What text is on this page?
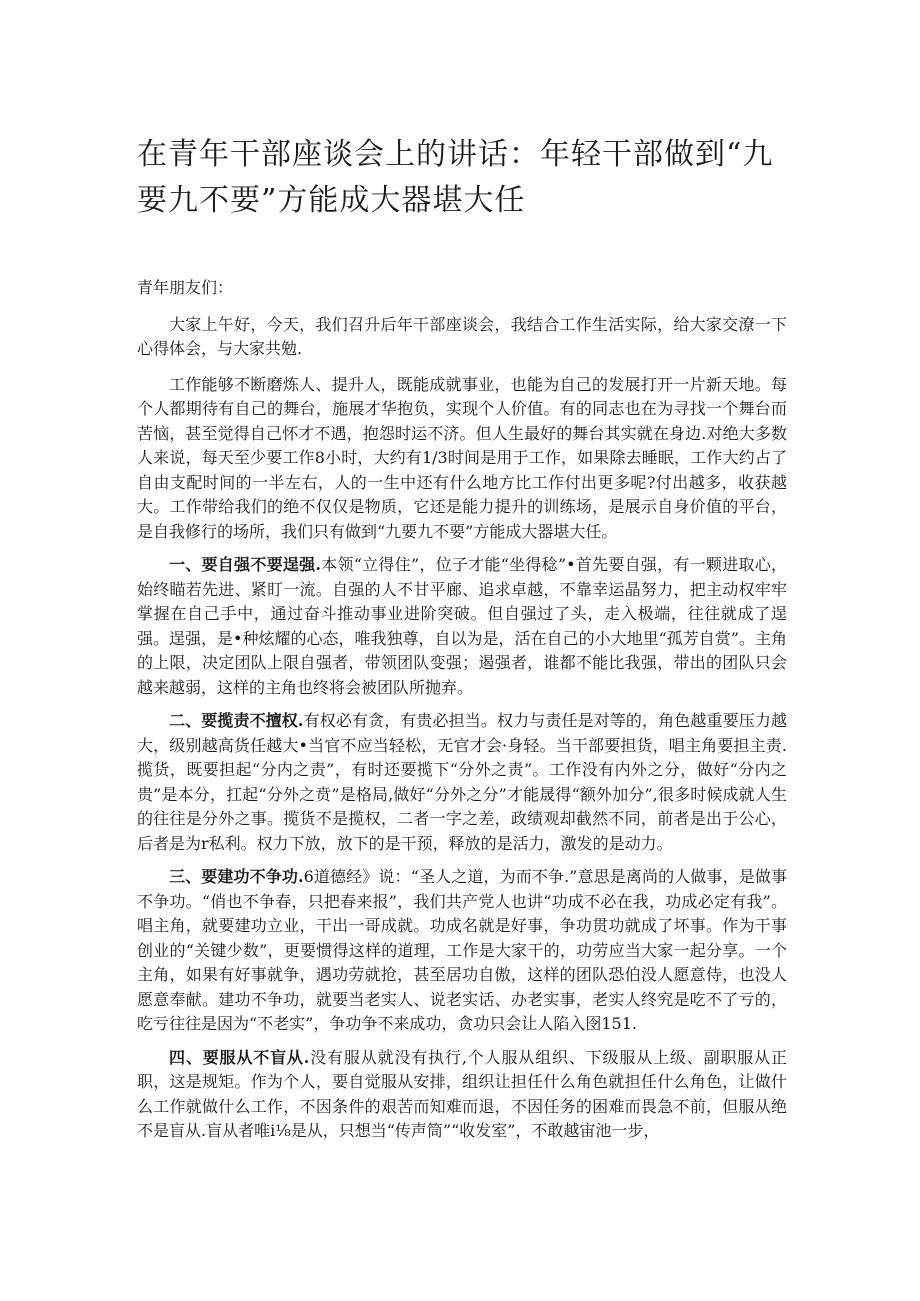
在青年干部座谈会上的讲话：年轻干部做到“九要九不要”方能成大器堪大任

青年朋友们：

大家上午好，今天，我们召升后年干部座谈会，我结合工作生活实际，给大家交潦一下心得体会，与大家共勉.

工作能够不断磨炼人、提升人，既能成就事业，也能为自己的发展打开一片新天地。每个人都期待有自己的舞台，施展才华抱负，实现个人价值。有的同志也在为寻找一个舞台而苦恼，甚至觉得自己怀才不遇，抱怨时运不济。但人生最好的舞台其实就在身边.对绝大多数人来说，每天至少要工作8小时，大约有1/3时间是用于工作，如果除去睡眠，工作大约占了自由支配时间的一半左右，人的一生中还有什么地方比工作付出更多呢?付出越多，收获越大。工作带给我们的绝不仅仅是物质，它还是能力提升的训练场，是展示自身价值的平台，是自我修行的场所，我们只有做到“九要九不要”方能成大器堪大任。

一、要自强不要逞强.本领“立得住”，位子才能“坐得稔”•首先要自强，有一颗进取心，始终瞄若先进、紧盯一流。自强的人不甘平廊、追求卓越，不靠幸运晶努力，把主动权牢牢掌握在自己手中，通过奋斗推动事业进阶突破。但自强过了头，走入极端，往往就成了逞强。逞强，是•种炫耀的心态，唯我独尊，自以为是，活在自己的小大地里“孤芳自赏”。主角的上限，决定团队上限自强者，带领团队变强；遏强者，谁都不能比我强，带出的团队只会越来越弱，这样的主角也终将会被团队所抛弃。

二、要揽责不擅权.有权必有贪，有贵必担当。权力与责任是对等的，角色越重要压力越大，级别越高货任越大•当官不应当轻松，无官才会·身轻。当干部要担货，唱主角要担主责.揽货，既要担起“分内之责”，有时还要揽下“分外之责”。工作没有内外之分，做好“分内之贵”是本分，扛起“分外之贲”是格局,做好“分外之分”才能晟得“额外加分”,很多时候成就人生的往往是分外之事。揽货不是揽权，二者一字之差，政绩观却截然不同，前者是出于公心，后者是为r私利。权力下放，放下的是干预，释放的是活力，激发的是动力。

三、要建功不争功.6道德经》说：“圣人之道，为而不争.”意思是离尚的人做事，是做事不争功。“俏也不争春，只把春来报”，我们共产党人也讲“功成不必在我，功成必定有我”。唱主角，就要建功立业，干出一哥成就。功成名就是好事，争功贯功就成了坏事。作为干事创业的“关键少数”，更要惯得这样的道理，工作是大家干的，功劳应当大家一起分享。一个主角，如果有好事就争，遇功劳就抢，甚至居功自傲，这样的团队恐伯没人愿意侍，也没人愿意奉献。建功不争功，就要当老实人、说老实话、办老实事，老实人终究是吃不了亏的，吃亏往往是因为“不老实”，争功争不来成功，贪功只会让人陷入囹151.

四、要服从不盲从.没有服从就没有执行,个人服从组织、下级服从上级、副职服从正职，这是规矩。作为个人，要自觉服从安排，组织让担任什么角色就担任什么角色，让做什么工作就做什么工作，不因条件的艰苦而知难而退，不因任务的困难而畏急不前，但服从绝不是盲从.盲从者唯i⅛是从，只想当“传声筒”“收发室”，不敢越宙池一步，
